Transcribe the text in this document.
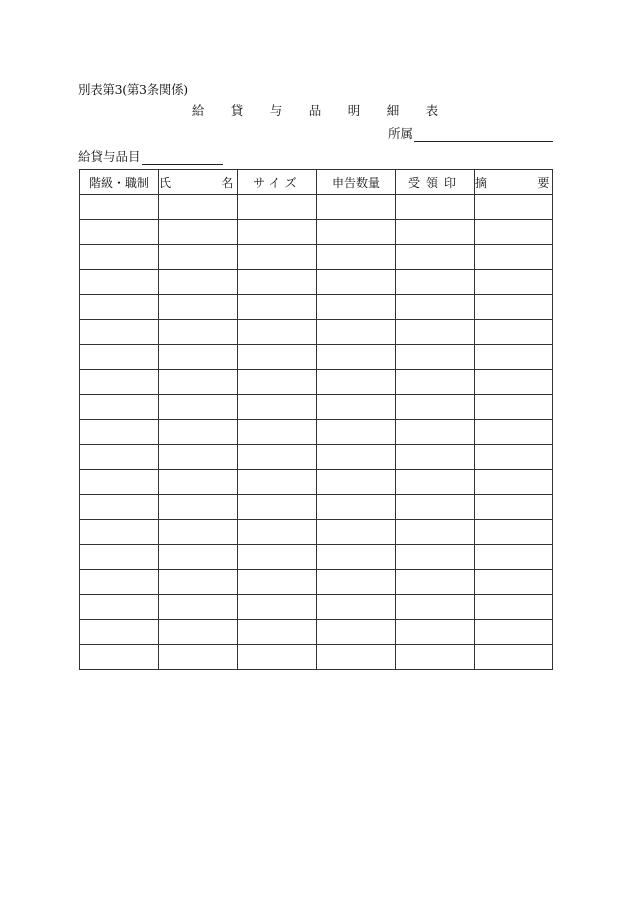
別表第3(第3条関係)
給 貸 与 品 明 細 表
所属
給貸与品目
階級・職制	氏　名	サイズ	申告数量	受領印	摘　要
